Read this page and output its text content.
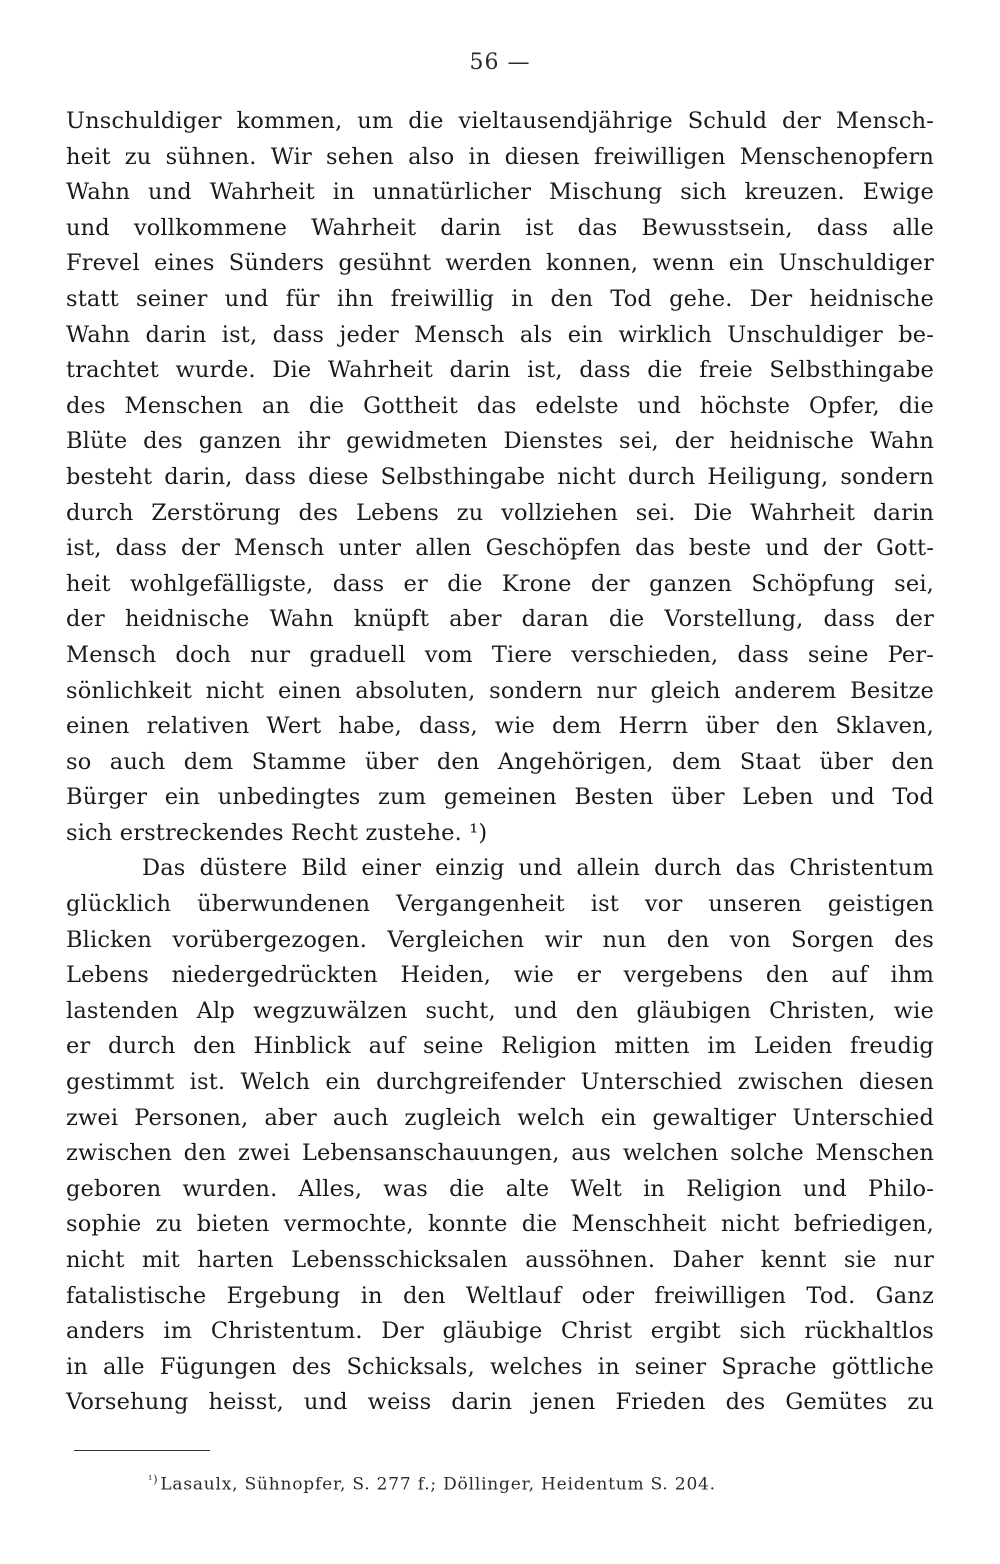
56 —
Unschuldiger kommen, um die vieltausendjährige Schuld der Mensch-
heit zu sühnen. Wir sehen also in diesen freiwilligen Menschenopfern
Wahn und Wahrheit in unnatürlicher Mischung sich kreuzen. Ewige
und vollkommene Wahrheit darin ist das Bewusstsein, dass alle
Frevel eines Sünders gesühnt werden konnen, wenn ein Unschuldiger
statt seiner und für ihn freiwillig in den Tod gehe. Der heidnische
Wahn darin ist, dass jeder Mensch als ein wirklich Unschuldiger be-
trachtet wurde. Die Wahrheit darin ist, dass die freie Selbsthingabe
des Menschen an die Gottheit das edelste und höchste Opfer, die
Blüte des ganzen ihr gewidmeten Dienstes sei, der heidnische Wahn
besteht darin, dass diese Selbsthingabe nicht durch Heiligung, sondern
durch Zerstörung des Lebens zu vollziehen sei. Die Wahrheit darin
ist, dass der Mensch unter allen Geschöpfen das beste und der Gott-
heit wohlgefälligste, dass er die Krone der ganzen Schöpfung sei,
der heidnische Wahn knüpft aber daran die Vorstellung, dass der
Mensch doch nur graduell vom Tiere verschieden, dass seine Per-
sönlichkeit nicht einen absoluten, sondern nur gleich anderem Besitze
einen relativen Wert habe, dass, wie dem Herrn über den Sklaven,
so auch dem Stamme über den Angehörigen, dem Staat über den
Bürger ein unbedingtes zum gemeinen Besten über Leben und Tod
sich erstreckendes Recht zustehe. ¹)
Das düstere Bild einer einzig und allein durch das Christentum
glücklich überwundenen Vergangenheit ist vor unseren geistigen
Blicken vorübergezogen. Vergleichen wir nun den von Sorgen des
Lebens niedergedrückten Heiden, wie er vergebens den auf ihm
lastenden Alp wegzuwälzen sucht, und den gläubigen Christen, wie
er durch den Hinblick auf seine Religion mitten im Leiden freudig
gestimmt ist. Welch ein durchgreifender Unterschied zwischen diesen
zwei Personen, aber auch zugleich welch ein gewaltiger Unterschied
zwischen den zwei Lebensanschauungen, aus welchen solche Menschen
geboren wurden. Alles, was die alte Welt in Religion und Philo-
sophie zu bieten vermochte, konnte die Menschheit nicht befriedigen,
nicht mit harten Lebensschicksalen aussöhnen. Daher kennt sie nur
fatalistische Ergebung in den Weltlauf oder freiwilligen Tod. Ganz
anders im Christentum. Der gläubige Christ ergibt sich rückhaltlos
in alle Fügungen des Schicksals, welches in seiner Sprache göttliche
Vorsehung heisst, und weiss darin jenen Frieden des Gemütes zu
$^{^1)}$ Lasaulx, Sühnopfer, S. 277 f.; Döllinger, Heidentum S. 204.
